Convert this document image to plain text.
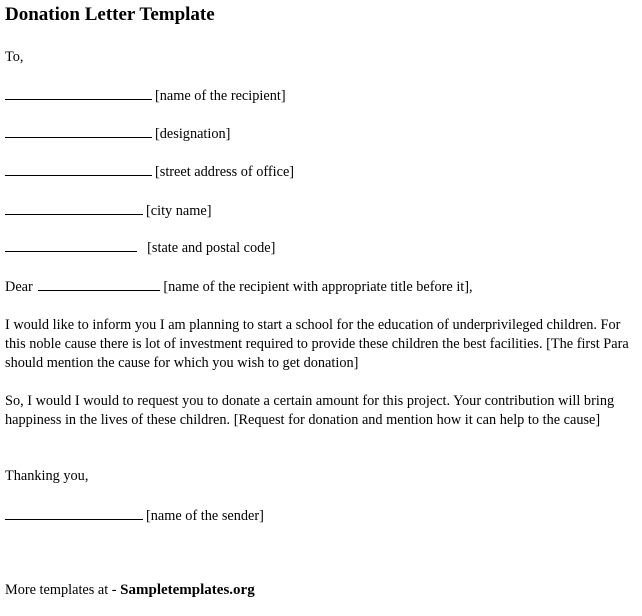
Donation Letter Template
To,
[name of the recipient]
[designation]
[street address of office]
[city name]
[state and postal code]
Dear	[name of the recipient with appropriate title before it],
I would like to inform you I am planning to start a school for the education of underprivileged children. For this noble cause there is lot of investment required to provide these children the best facilities. [The first Para should mention the cause for which you wish to get donation]
So, I would I would to request you to donate a certain amount for this project. Your contribution will bring happiness in the lives of these children. [Request for donation and mention how it can help to the cause]
Thanking you,
[name of the sender]
More templates at - Sampletemplates.org
